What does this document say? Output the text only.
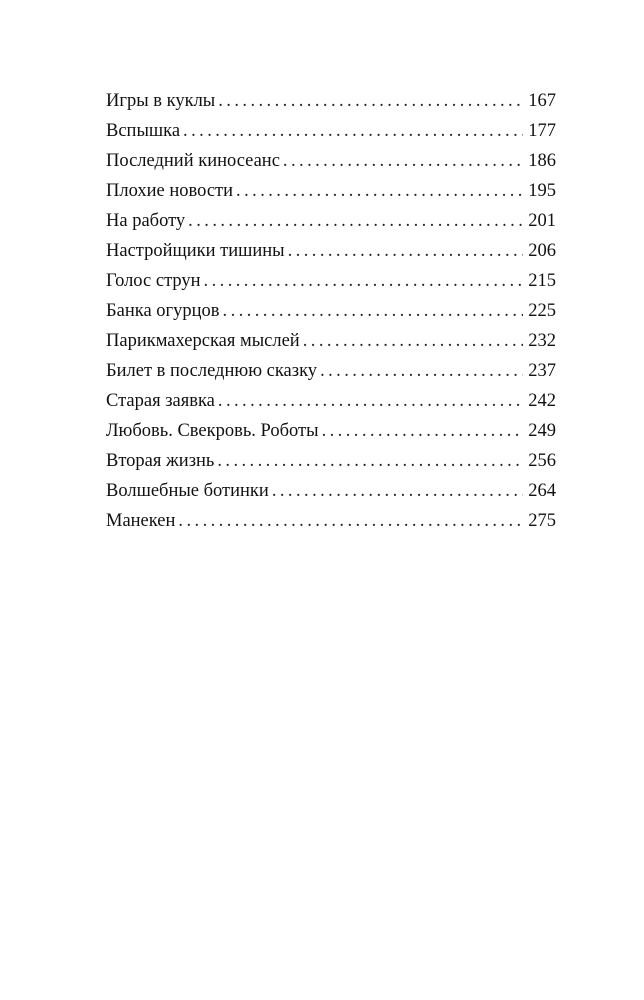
Игры в куклы . . .	167
Вспышка . . .	177
Последний киносеанс . . .	186
Плохие новости . . .	195
На работу . . .	201
Настройщики тишины . . .	206
Голос струн . . .	215
Банка огурцов . . .	225
Парикмахерская мыслей . . .	232
Билет в последнюю сказку . . .	237
Старая заявка . . .	242
Любовь. Свекровь. Роботы . . .	249
Вторая жизнь . . .	256
Волшебные ботинки . . .	264
Манекен . . .	275
